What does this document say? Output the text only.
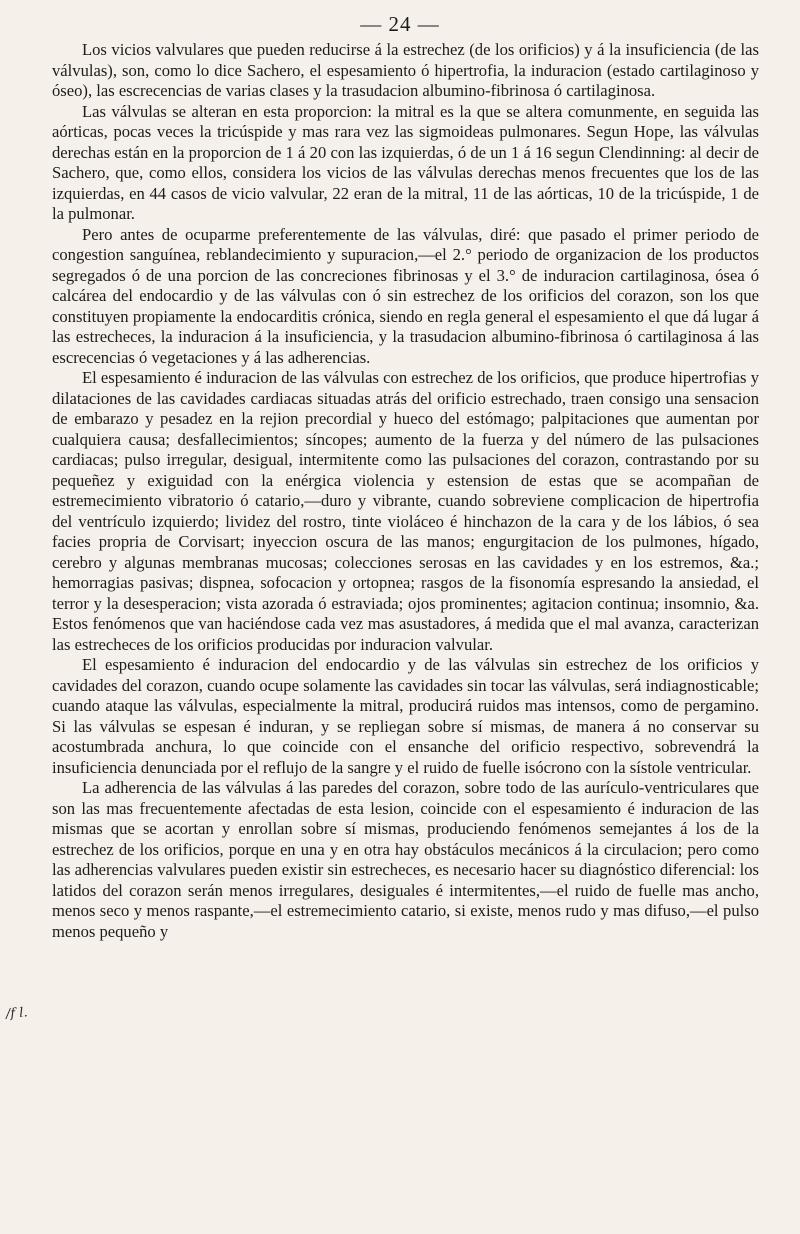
— 24 —

Los vicios valvulares que pueden reducirse á la estrechez (de los orificios) y á la insuficiencia (de las válvulas), son, como lo dice Sachero, el espesamiento ó hipertrofia, la induracion (estado cartilaginoso y óseo), las escrecencias de varias clases y la trasudacion albumino-fibrinosa ó cartilaginosa.

Las válvulas se alteran en esta proporcion: la mitral es la que se altera comunmente, en seguida las aórticas, pocas veces la tricúspide y mas rara vez las sigmoideas pulmonares. Segun Hope, las válvulas derechas están en la proporcion de 1 á 20 con las izquierdas, ó de un 1 á 16 segun Clendinning: al decir de Sachero, que, como ellos, considera los vicios de las válvulas derechas menos frecuentes que los de las izquierdas, en 44 casos de vicio valvular, 22 eran de la mitral, 11 de las aórticas, 10 de la tricúspide, 1 de la pulmonar.

Pero antes de ocuparme preferentemente de las válvulas, diré: que pasado el primer periodo de congestion sanguínea, reblandecimiento y supuracion,—el 2.° periodo de organizacion de los productos segregados ó de una porcion de las concreciones fibrinosas y el 3.° de induracion cartilaginosa, ósea ó calcárea del endocardio y de las válvulas con ó sin estrechez de los orificios del corazon, son los que constituyen propiamente la endocarditis crónica, siendo en regla general el espesamiento el que dá lugar á las estrecheces, la induracion á la insuficiencia, y la trasudacion albumino-fibrinosa ó cartilaginosa á las escrecencias ó vegetaciones y á las adherencias.

El espesamiento é induracion de las válvulas con estrechez de los orificios, que produce hipertrofias y dilataciones de las cavidades cardiacas situadas atrás del orificio estrechado, traen consigo una sensacion de embarazo y pesadez en la rejion precordial y hueco del estómago; palpitaciones que aumentan por cualquiera causa; desfallecimientos; síncopes; aumento de la fuerza y del número de las pulsaciones cardiacas; pulso irregular, desigual, intermitente como las pulsaciones del corazon, contrastando por su pequeñez y exiguidad con la enérgica violencia y estension de estas que se acompañan de estremecimiento vibratorio ó catario,—duro y vibrante, cuando sobreviene complicacion de hipertrofia del ventrículo izquierdo; lividez del rostro, tinte violáceo é hinchazon de la cara y de los lábios, ó sea facies propria de Corvisart; inyeccion oscura de las manos; engurgitacion de los pulmones, hígado, cerebro y algunas membranas mucosas; colecciones serosas en las cavidades y en los estremos, &a.; hemorragias pasivas; dispnea, sofocacion y ortopnea; rasgos de la fisonomía espresando la ansiedad, el terror y la desesperacion; vista azorada ó estraviada; ojos prominentes; agitacion continua; insomnio, &a. Estos fenómenos que van haciéndose cada vez mas asustadores, á medida que el mal avanza, caracterizan las estrecheces de los orificios producidas por induracion valvular.

El espesamiento é induracion del endocardio y de las válvulas sin estrechez de los orificios y cavidades del corazon, cuando ocupe solamente las cavidades sin tocar las válvulas, será indiagnosticable; cuando ataque las válvulas, especialmente la mitral, producirá ruidos mas intensos, como de pergamino. Si las válvulas se espesan é induran, y se repliegan sobre sí mismas, de manera á no conservar su acostumbrada anchura, lo que coincide con el ensanche del orificio respectivo, sobrevendrá la insuficiencia denunciada por el reflujo de la sangre y el ruido de fuelle isócrono con la sístole ventricular.

La adherencia de las válvulas á las paredes del corazon, sobre todo de las aurículo-ventriculares que son las mas frecuentemente afectadas de esta lesion, coincide con el espesamiento é induracion de las mismas que se acortan y enrollan sobre sí mismas, produciendo fenómenos semejantes á los de la estrechez de los orificios, porque en una y en otra hay obstáculos mecánicos á la circulacion; pero como las adherencias valvulares pueden existir sin estrecheces, es necesario hacer su diagnóstico diferencial: los latidos del corazon serán menos irregulares, desiguales é intermitentes,—el ruido de fuelle mas ancho, menos seco y menos raspante,—el estremecimiento catario, si existe, menos rudo y mas difuso,—el pulso menos pequeño y

/f l.
